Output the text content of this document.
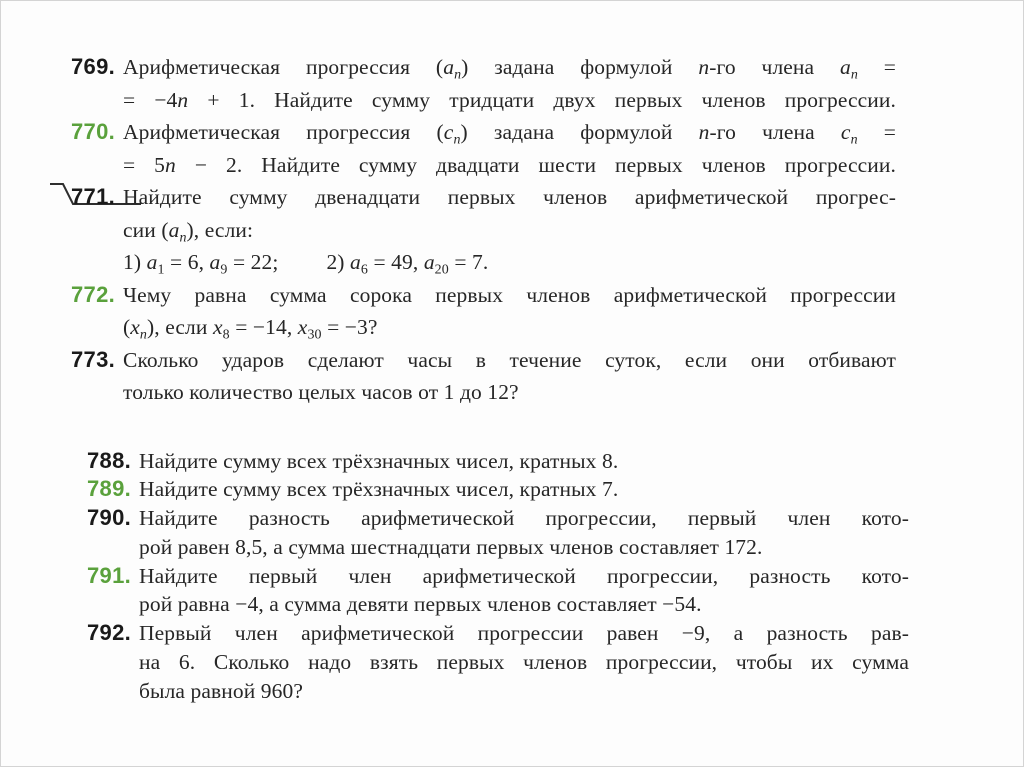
769. Арифметическая прогрессия $(a_n)$ задана формулой n-го члена $a_n$ =
= −4n + 1. Найдите сумму тридцати двух первых членов прогрессии.
770. Арифметическая прогрессия $(c_n)$ задана формулой n-го члена $c_n$ =
= 5n − 2. Найдите сумму двадцати шести первых членов прогрессии.
771. Найдите сумму двенадцати первых членов арифметической прогрес-
сии $(a_n)$, если:
1) $a_1 = 6$, $a_9 = 22$; 2) $a_6 = 49$, $a_{20} = 7$.
772. Чему равна сумма сорока первых членов арифметической прогрессии
$(x_n)$, если $x_8 = -14$, $x_{30} = -3$?
773. Сколько ударов сделают часы в течение суток, если они отбивают
только количество целых часов от 1 до 12?
788. Найдите сумму всех трёхзначных чисел, кратных 8.
789. Найдите сумму всех трёхзначных чисел, кратных 7.
790. Найдите разность арифметической прогрессии, первый член кото-
рой равен 8,5, а сумма шестнадцати первых членов составляет 172.
791. Найдите первый член арифметической прогрессии, разность кото-
рой равна −4, а сумма девяти первых членов составляет −54.
792. Первый член арифметической прогрессии равен −9, а разность рав-
на 6. Сколько надо взять первых членов прогрессии, чтобы их сумма
была равной 960?
